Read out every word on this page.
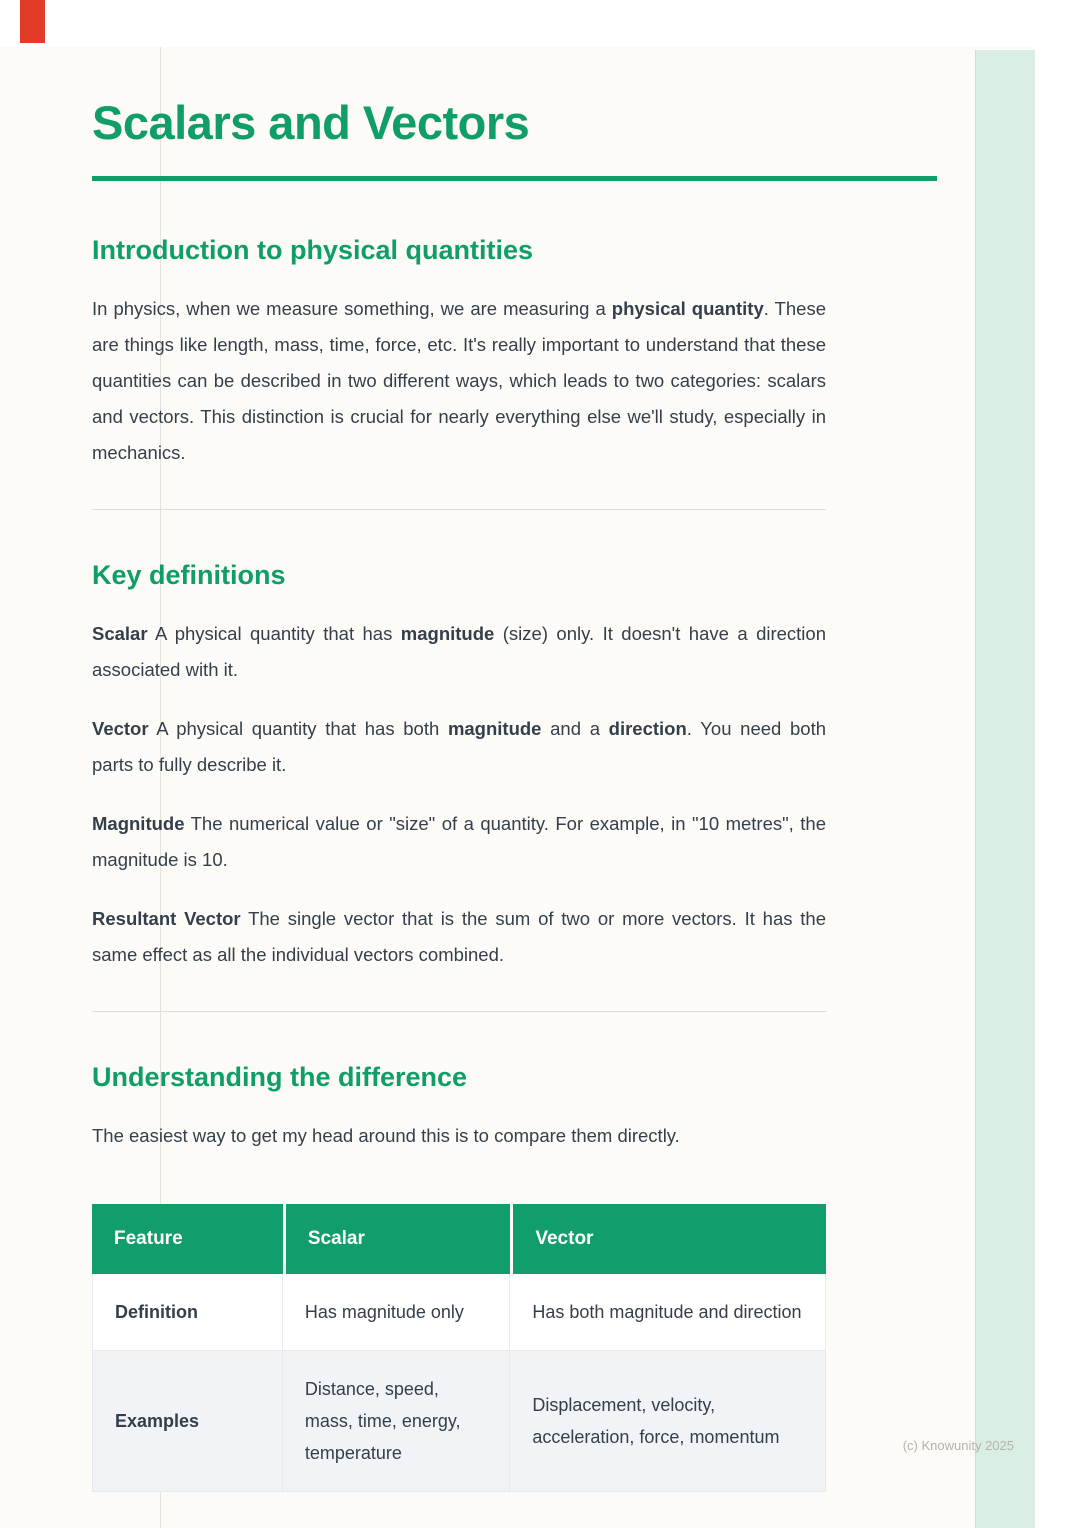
Scalars and Vectors
Introduction to physical quantities

In physics, when we measure something, we are measuring a physical quantity. These are things like length, mass, time, force, etc. It's really important to understand that these quantities can be described in two different ways, which leads to two categories: scalars and vectors. This distinction is crucial for nearly everything else we'll study, especially in mechanics.

Key definitions

Scalar A physical quantity that has magnitude (size) only. It doesn't have a direction associated with it.

Vector A physical quantity that has both magnitude and a direction. You need both parts to fully describe it.

Magnitude The numerical value or "size" of a quantity. For example, in "10 metres", the magnitude is 10.

Resultant Vector The single vector that is the sum of two or more vectors. It has the same effect as all the individual vectors combined.

Understanding the difference

The easiest way to get my head around this is to compare them directly.

Feature	Scalar	Vector
Definition	Has magnitude only	Has both magnitude and direction
Examples	Distance, speed, mass, time, energy, temperature	Displacement, velocity, acceleration, force, momentum	(c) Knowunity 2025
